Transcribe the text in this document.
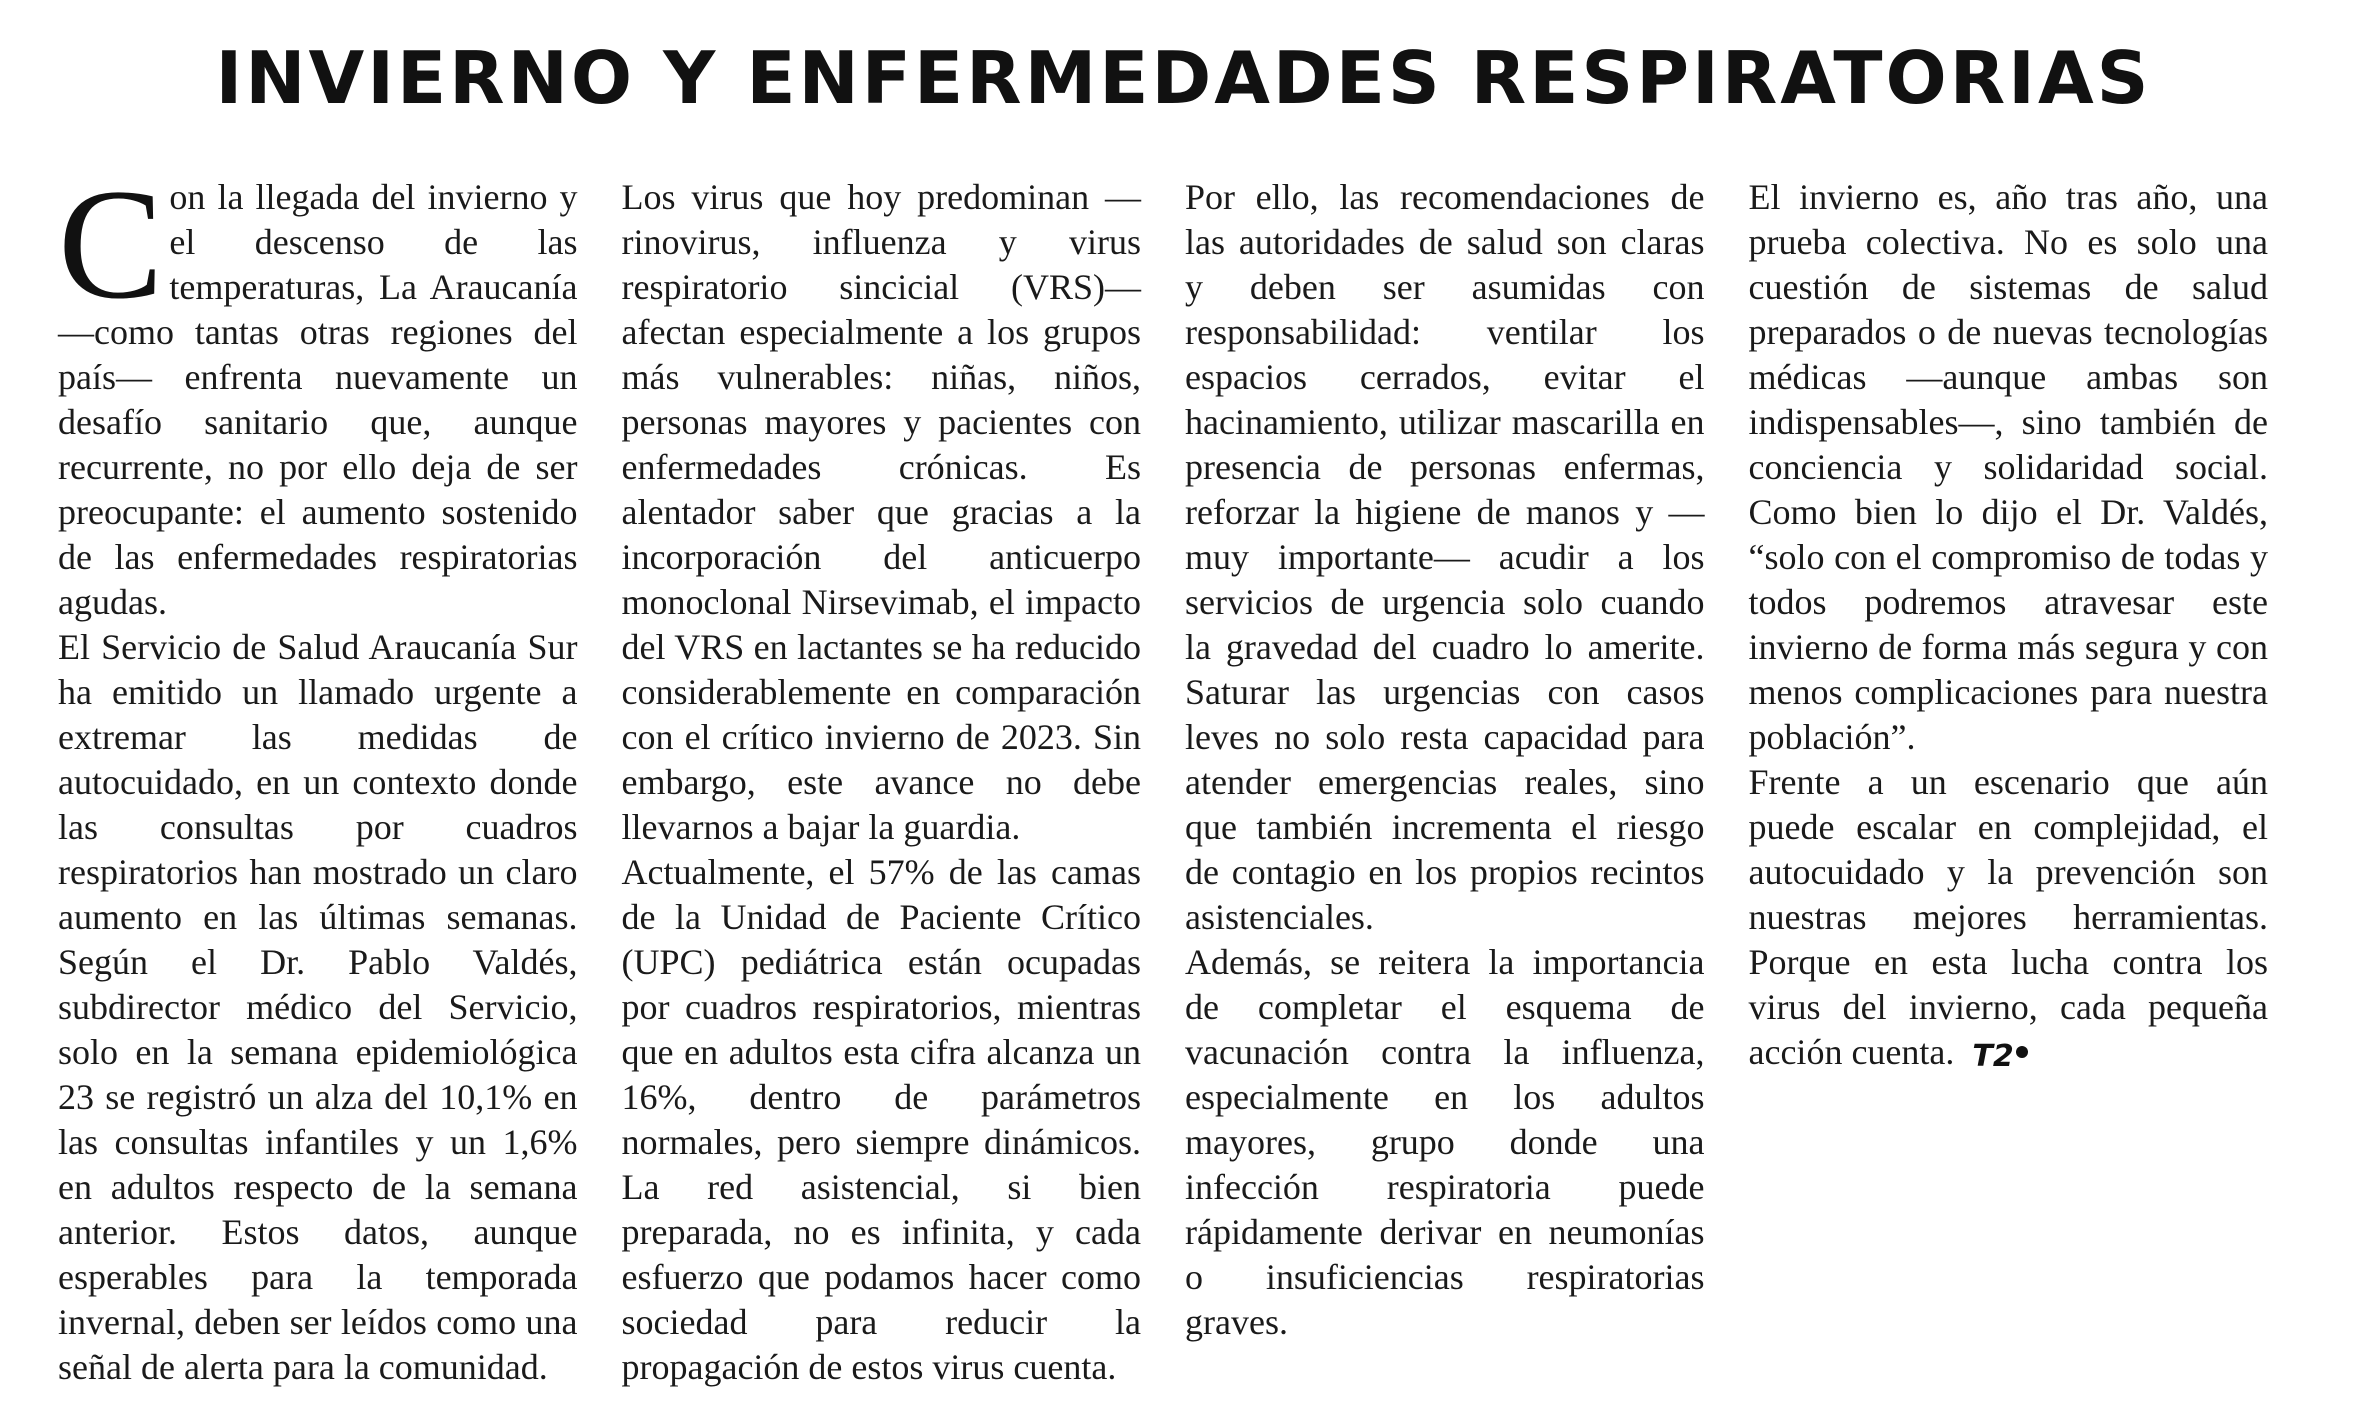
INVIERNO Y ENFERMEDADES RESPIRATORIAS

Con la llegada del invierno y el descenso de las temperaturas, La Araucanía —como tantas otras regiones del país— enfrenta nuevamente un desafío sanitario que, aunque recurrente, no por ello deja de ser preocupante: el aumento sostenido de las enfermedades respiratorias agudas.

El Servicio de Salud Araucanía Sur ha emitido un llamado urgente a extremar las medidas de autocuidado, en un contexto donde las consultas por cuadros respiratorios han mostrado un claro aumento en las últimas semanas. Según el Dr. Pablo Valdés, subdirector médico del Servicio, solo en la semana epidemiológica 23 se registró un alza del 10,1% en las consultas infantiles y un 1,6% en adultos respecto de la semana anterior. Estos datos, aunque esperables para la temporada invernal, deben ser leídos como una señal de alerta para la comunidad.

Los virus que hoy predominan —rinovirus, influenza y virus respiratorio sincicial (VRS)— afectan especialmente a los grupos más vulnerables: niñas, niños, personas mayores y pacientes con enfermedades crónicas. Es alentador saber que gracias a la incorporación del anticuerpo monoclonal Nirsevimab, el impacto del VRS en lactantes se ha reducido considerablemente en comparación con el crítico invierno de 2023. Sin embargo, este avance no debe llevarnos a bajar la guardia.

Actualmente, el 57% de las camas de la Unidad de Paciente Crítico (UPC) pediátrica están ocupadas por cuadros respiratorios, mientras que en adultos esta cifra alcanza un 16%, dentro de parámetros normales, pero siempre dinámicos. La red asistencial, si bien preparada, no es infinita, y cada esfuerzo que podamos hacer como sociedad para reducir la propagación de estos virus cuenta.

Por ello, las recomendaciones de las autoridades de salud son claras y deben ser asumidas con responsabilidad: ventilar los espacios cerrados, evitar el hacinamiento, utilizar mascarilla en presencia de personas enfermas, reforzar la higiene de manos y —muy importante— acudir a los servicios de urgencia solo cuando la gravedad del cuadro lo amerite. Saturar las urgencias con casos leves no solo resta capacidad para atender emergencias reales, sino que también incrementa el riesgo de contagio en los propios recintos asistenciales.

Además, se reitera la importancia de completar el esquema de vacunación contra la influenza, especialmente en los adultos mayores, grupo donde una infección respiratoria puede rápidamente derivar en neumonías o insuficiencias respiratorias graves.

El invierno es, año tras año, una prueba colectiva. No es solo una cuestión de sistemas de salud preparados o de nuevas tecnologías médicas —aunque ambas son indispensables—, sino también de conciencia y solidaridad social. Como bien lo dijo el Dr. Valdés, “solo con el compromiso de todas y todos podremos atravesar este invierno de forma más segura y con menos complicaciones para nuestra población”.

Frente a un escenario que aún puede escalar en complejidad, el autocuidado y la prevención son nuestras mejores herramientas. Porque en esta lucha contra los virus del invierno, cada pequeña acción cuenta. T2
